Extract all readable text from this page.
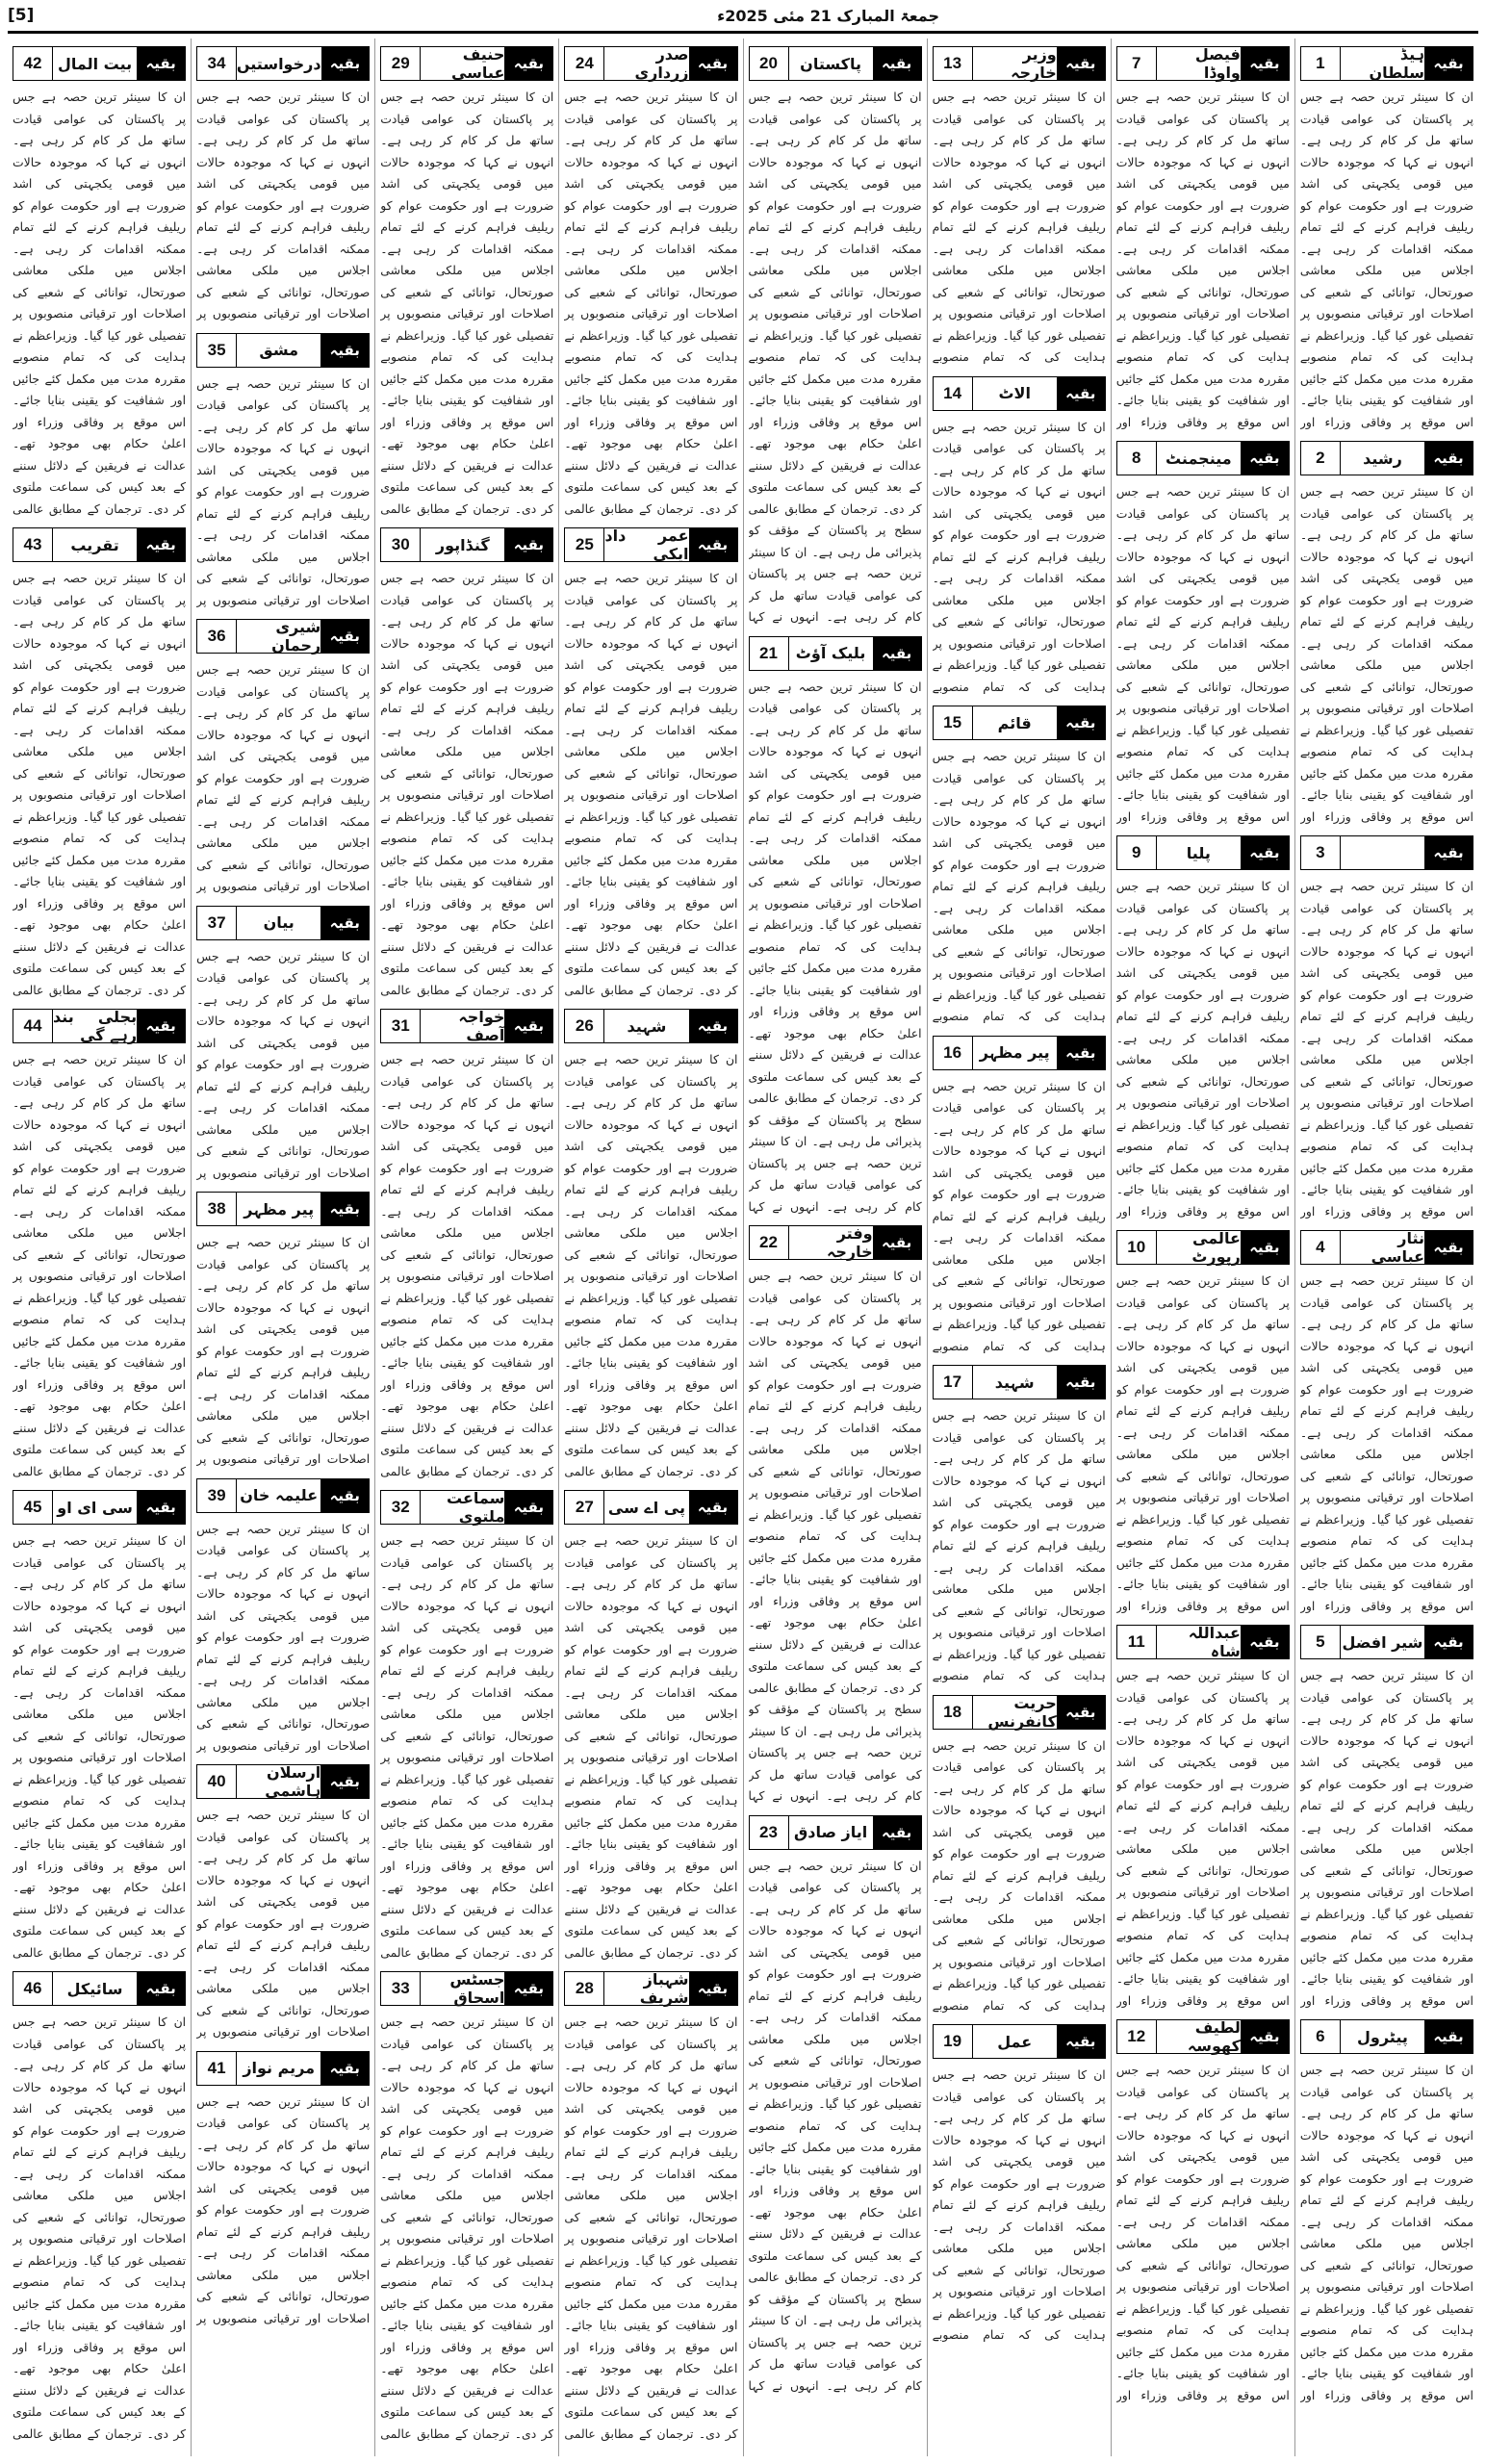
[5]	جمعۃ المبارک 21 مئی 2025ء
1	ہیڈ سلطان بقیہ
ان کا سینئر ترین حصہ ہے جس پر پاکستان کی عوامی قیادت ساتھ مل کر کام کر رہی ہے۔ انہوں نے کہا کہ موجودہ حالات میں قومی یکجہتی کی اشد ضرورت ہے اور حکومت عوام کو ریلیف فراہم کرنے کے لئے تمام ممکنہ اقدامات کر رہی ہے۔ اجلاس میں ملکی معاشی صورتحال، توانائی کے شعبے کی اصلاحات اور ترقیاتی منصوبوں پر تفصیلی غور کیا گیا۔ وزیراعظم نے ہدایت کی کہ تمام منصوبے مقررہ مدت میں مکمل کئے جائیں اور شفافیت کو یقینی بنایا جائے۔ اس موقع پر وفاقی وزراء اور
2	رشید	بقیہ
ان کا سینئر ترین حصہ ہے جس پر پاکستان کی عوامی قیادت ساتھ مل کر کام کر رہی ہے۔ انہوں نے کہا کہ موجودہ حالات میں قومی یکجہتی کی اشد ضرورت ہے اور حکومت عوام کو ریلیف فراہم کرنے کے لئے تمام ممکنہ اقدامات کر رہی ہے۔ اجلاس میں ملکی معاشی صورتحال، توانائی کے شعبے کی اصلاحات اور ترقیاتی منصوبوں پر تفصیلی غور کیا گیا۔ وزیراعظم نے ہدایت کی کہ تمام منصوبے مقررہ مدت میں مکمل کئے جائیں اور شفافیت کو یقینی بنایا جائے۔ اس موقع پر وفاقی وزراء اور
3	بقیہ
ان کا سینئر ترین حصہ ہے جس پر پاکستان کی عوامی قیادت ساتھ مل کر کام کر رہی ہے۔ انہوں نے کہا کہ موجودہ حالات میں قومی یکجہتی کی اشد ضرورت ہے اور حکومت عوام کو ریلیف فراہم کرنے کے لئے تمام ممکنہ اقدامات کر رہی ہے۔ اجلاس میں ملکی معاشی صورتحال، توانائی کے شعبے کی اصلاحات اور ترقیاتی منصوبوں پر تفصیلی غور کیا گیا۔ وزیراعظم نے ہدایت کی کہ تمام منصوبے مقررہ مدت میں مکمل کئے جائیں اور شفافیت کو یقینی بنایا جائے۔ اس موقع پر وفاقی وزراء اور
4	نثار عباسی بقیہ
ان کا سینئر ترین حصہ ہے جس پر پاکستان کی عوامی قیادت ساتھ مل کر کام کر رہی ہے۔ انہوں نے کہا کہ موجودہ حالات میں قومی یکجہتی کی اشد ضرورت ہے اور حکومت عوام کو ریلیف فراہم کرنے کے لئے تمام ممکنہ اقدامات کر رہی ہے۔ اجلاس میں ملکی معاشی صورتحال، توانائی کے شعبے کی اصلاحات اور ترقیاتی منصوبوں پر تفصیلی غور کیا گیا۔ وزیراعظم نے ہدایت کی کہ تمام منصوبے مقررہ مدت میں مکمل کئے جائیں اور شفافیت کو یقینی بنایا جائے۔ اس موقع پر وفاقی وزراء اور
5	شیر افضل بقیہ
ان کا سینئر ترین حصہ ہے جس پر پاکستان کی عوامی قیادت ساتھ مل کر کام کر رہی ہے۔ انہوں نے کہا کہ موجودہ حالات میں قومی یکجہتی کی اشد ضرورت ہے اور حکومت عوام کو ریلیف فراہم کرنے کے لئے تمام ممکنہ اقدامات کر رہی ہے۔ اجلاس میں ملکی معاشی صورتحال، توانائی کے شعبے کی اصلاحات اور ترقیاتی منصوبوں پر تفصیلی غور کیا گیا۔ وزیراعظم نے ہدایت کی کہ تمام منصوبے مقررہ مدت میں مکمل کئے جائیں اور شفافیت کو یقینی بنایا جائے۔ اس موقع پر وفاقی وزراء اور
6	پیٹرول	بقیہ
ان کا سینئر ترین حصہ ہے جس پر پاکستان کی عوامی قیادت ساتھ مل کر کام کر رہی ہے۔ انہوں نے کہا کہ موجودہ حالات میں قومی یکجہتی کی اشد ضرورت ہے اور حکومت عوام کو ریلیف فراہم کرنے کے لئے تمام ممکنہ اقدامات کر رہی ہے۔ اجلاس میں ملکی معاشی صورتحال، توانائی کے شعبے کی اصلاحات اور ترقیاتی منصوبوں پر تفصیلی غور کیا گیا۔ وزیراعظم نے ہدایت کی کہ تمام منصوبے مقررہ مدت میں مکمل کئے جائیں اور شفافیت کو یقینی بنایا جائے۔ اس موقع پر وفاقی وزراء اور
7	فیصل واوڈا بقیہ
ان کا سینئر ترین حصہ ہے جس پر پاکستان کی عوامی قیادت ساتھ مل کر کام کر رہی ہے۔ انہوں نے کہا کہ موجودہ حالات میں قومی یکجہتی کی اشد ضرورت ہے اور حکومت عوام کو ریلیف فراہم کرنے کے لئے تمام ممکنہ اقدامات کر رہی ہے۔ اجلاس میں ملکی معاشی صورتحال، توانائی کے شعبے کی اصلاحات اور ترقیاتی منصوبوں پر تفصیلی غور کیا گیا۔ وزیراعظم نے ہدایت کی کہ تمام منصوبے مقررہ مدت میں مکمل کئے جائیں اور شفافیت کو یقینی بنایا جائے۔ اس موقع پر وفاقی وزراء اور
8	مینجمنٹ	بقیہ
ان کا سینئر ترین حصہ ہے جس پر پاکستان کی عوامی قیادت ساتھ مل کر کام کر رہی ہے۔ انہوں نے کہا کہ موجودہ حالات میں قومی یکجہتی کی اشد ضرورت ہے اور حکومت عوام کو ریلیف فراہم کرنے کے لئے تمام ممکنہ اقدامات کر رہی ہے۔ اجلاس میں ملکی معاشی صورتحال، توانائی کے شعبے کی اصلاحات اور ترقیاتی منصوبوں پر تفصیلی غور کیا گیا۔ وزیراعظم نے ہدایت کی کہ تمام منصوبے مقررہ مدت میں مکمل کئے جائیں اور شفافیت کو یقینی بنایا جائے۔ اس موقع پر وفاقی وزراء اور
9	پلیا	بقیہ
ان کا سینئر ترین حصہ ہے جس پر پاکستان کی عوامی قیادت ساتھ مل کر کام کر رہی ہے۔ انہوں نے کہا کہ موجودہ حالات میں قومی یکجہتی کی اشد ضرورت ہے اور حکومت عوام کو ریلیف فراہم کرنے کے لئے تمام ممکنہ اقدامات کر رہی ہے۔ اجلاس میں ملکی معاشی صورتحال، توانائی کے شعبے کی اصلاحات اور ترقیاتی منصوبوں پر تفصیلی غور کیا گیا۔ وزیراعظم نے ہدایت کی کہ تمام منصوبے مقررہ مدت میں مکمل کئے جائیں اور شفافیت کو یقینی بنایا جائے۔ اس موقع پر وفاقی وزراء اور
10	عالمی رپورٹ بقیہ
ان کا سینئر ترین حصہ ہے جس پر پاکستان کی عوامی قیادت ساتھ مل کر کام کر رہی ہے۔ انہوں نے کہا کہ موجودہ حالات میں قومی یکجہتی کی اشد ضرورت ہے اور حکومت عوام کو ریلیف فراہم کرنے کے لئے تمام ممکنہ اقدامات کر رہی ہے۔ اجلاس میں ملکی معاشی صورتحال، توانائی کے شعبے کی اصلاحات اور ترقیاتی منصوبوں پر تفصیلی غور کیا گیا۔ وزیراعظم نے ہدایت کی کہ تمام منصوبے مقررہ مدت میں مکمل کئے جائیں اور شفافیت کو یقینی بنایا جائے۔ اس موقع پر وفاقی وزراء اور
11	عبداللہ شاہ بقیہ
ان کا سینئر ترین حصہ ہے جس پر پاکستان کی عوامی قیادت ساتھ مل کر کام کر رہی ہے۔ انہوں نے کہا کہ موجودہ حالات میں قومی یکجہتی کی اشد ضرورت ہے اور حکومت عوام کو ریلیف فراہم کرنے کے لئے تمام ممکنہ اقدامات کر رہی ہے۔ اجلاس میں ملکی معاشی صورتحال، توانائی کے شعبے کی اصلاحات اور ترقیاتی منصوبوں پر تفصیلی غور کیا گیا۔ وزیراعظم نے ہدایت کی کہ تمام منصوبے مقررہ مدت میں مکمل کئے جائیں اور شفافیت کو یقینی بنایا جائے۔ اس موقع پر وفاقی وزراء اور
12	لطیف کھوسہ بقیہ
ان کا سینئر ترین حصہ ہے جس پر پاکستان کی عوامی قیادت ساتھ مل کر کام کر رہی ہے۔ انہوں نے کہا کہ موجودہ حالات میں قومی یکجہتی کی اشد ضرورت ہے اور حکومت عوام کو ریلیف فراہم کرنے کے لئے تمام ممکنہ اقدامات کر رہی ہے۔ اجلاس میں ملکی معاشی صورتحال، توانائی کے شعبے کی اصلاحات اور ترقیاتی منصوبوں پر تفصیلی غور کیا گیا۔ وزیراعظم نے ہدایت کی کہ تمام منصوبے مقررہ مدت میں مکمل کئے جائیں اور شفافیت کو یقینی بنایا جائے۔ اس موقع پر وفاقی وزراء اور
13	وزیر خارجہ بقیہ
ان کا سینئر ترین حصہ ہے جس پر پاکستان کی عوامی قیادت ساتھ مل کر کام کر رہی ہے۔ انہوں نے کہا کہ موجودہ حالات میں قومی یکجہتی کی اشد ضرورت ہے اور حکومت عوام کو ریلیف فراہم کرنے کے لئے تمام ممکنہ اقدامات کر رہی ہے۔ اجلاس میں ملکی معاشی صورتحال، توانائی کے شعبے کی اصلاحات اور ترقیاتی منصوبوں پر تفصیلی غور کیا گیا۔ وزیراعظم نے ہدایت کی کہ تمام منصوبے
14	الاٹ	بقیہ
ان کا سینئر ترین حصہ ہے جس پر پاکستان کی عوامی قیادت ساتھ مل کر کام کر رہی ہے۔ انہوں نے کہا کہ موجودہ حالات میں قومی یکجہتی کی اشد ضرورت ہے اور حکومت عوام کو ریلیف فراہم کرنے کے لئے تمام ممکنہ اقدامات کر رہی ہے۔ اجلاس میں ملکی معاشی صورتحال، توانائی کے شعبے کی اصلاحات اور ترقیاتی منصوبوں پر تفصیلی غور کیا گیا۔ وزیراعظم نے ہدایت کی کہ تمام منصوبے
15	قائم	بقیہ
ان کا سینئر ترین حصہ ہے جس پر پاکستان کی عوامی قیادت ساتھ مل کر کام کر رہی ہے۔ انہوں نے کہا کہ موجودہ حالات میں قومی یکجہتی کی اشد ضرورت ہے اور حکومت عوام کو ریلیف فراہم کرنے کے لئے تمام ممکنہ اقدامات کر رہی ہے۔ اجلاس میں ملکی معاشی صورتحال، توانائی کے شعبے کی اصلاحات اور ترقیاتی منصوبوں پر تفصیلی غور کیا گیا۔ وزیراعظم نے ہدایت کی کہ تمام منصوبے
16	پیر مظہر	بقیہ
ان کا سینئر ترین حصہ ہے جس پر پاکستان کی عوامی قیادت ساتھ مل کر کام کر رہی ہے۔ انہوں نے کہا کہ موجودہ حالات میں قومی یکجہتی کی اشد ضرورت ہے اور حکومت عوام کو ریلیف فراہم کرنے کے لئے تمام ممکنہ اقدامات کر رہی ہے۔ اجلاس میں ملکی معاشی صورتحال، توانائی کے شعبے کی اصلاحات اور ترقیاتی منصوبوں پر تفصیلی غور کیا گیا۔ وزیراعظم نے ہدایت کی کہ تمام منصوبے
17	شہید	بقیہ
ان کا سینئر ترین حصہ ہے جس پر پاکستان کی عوامی قیادت ساتھ مل کر کام کر رہی ہے۔ انہوں نے کہا کہ موجودہ حالات میں قومی یکجہتی کی اشد ضرورت ہے اور حکومت عوام کو ریلیف فراہم کرنے کے لئے تمام ممکنہ اقدامات کر رہی ہے۔ اجلاس میں ملکی معاشی صورتحال، توانائی کے شعبے کی اصلاحات اور ترقیاتی منصوبوں پر تفصیلی غور کیا گیا۔ وزیراعظم نے ہدایت کی کہ تمام منصوبے
18	حریت کانفرنس بقیہ
ان کا سینئر ترین حصہ ہے جس پر پاکستان کی عوامی قیادت ساتھ مل کر کام کر رہی ہے۔ انہوں نے کہا کہ موجودہ حالات میں قومی یکجہتی کی اشد ضرورت ہے اور حکومت عوام کو ریلیف فراہم کرنے کے لئے تمام ممکنہ اقدامات کر رہی ہے۔ اجلاس میں ملکی معاشی صورتحال، توانائی کے شعبے کی اصلاحات اور ترقیاتی منصوبوں پر تفصیلی غور کیا گیا۔ وزیراعظم نے ہدایت کی کہ تمام منصوبے
19	عمل	بقیہ
ان کا سینئر ترین حصہ ہے جس پر پاکستان کی عوامی قیادت ساتھ مل کر کام کر رہی ہے۔ انہوں نے کہا کہ موجودہ حالات میں قومی یکجہتی کی اشد ضرورت ہے اور حکومت عوام کو ریلیف فراہم کرنے کے لئے تمام ممکنہ اقدامات کر رہی ہے۔ اجلاس میں ملکی معاشی صورتحال، توانائی کے شعبے کی اصلاحات اور ترقیاتی منصوبوں پر تفصیلی غور کیا گیا۔ وزیراعظم نے ہدایت کی کہ تمام منصوبے
20	پاکستان	بقیہ
ان کا سینئر ترین حصہ ہے جس پر پاکستان کی عوامی قیادت ساتھ مل کر کام کر رہی ہے۔ انہوں نے کہا کہ موجودہ حالات میں قومی یکجہتی کی اشد ضرورت ہے اور حکومت عوام کو ریلیف فراہم کرنے کے لئے تمام ممکنہ اقدامات کر رہی ہے۔ اجلاس میں ملکی معاشی صورتحال، توانائی کے شعبے کی اصلاحات اور ترقیاتی منصوبوں پر تفصیلی غور کیا گیا۔ وزیراعظم نے ہدایت کی کہ تمام منصوبے مقررہ مدت میں مکمل کئے جائیں اور شفافیت کو یقینی بنایا جائے۔ اس موقع پر وفاقی وزراء اور اعلیٰ حکام بھی موجود تھے۔ عدالت نے فریقین کے دلائل سننے کے بعد کیس کی سماعت ملتوی کر دی۔ ترجمان کے مطابق عالمی سطح پر پاکستان کے مؤقف کو پذیرائی مل رہی ہے۔ ان کا سینئر ترین حصہ ہے جس پر پاکستان کی عوامی قیادت ساتھ مل کر کام کر رہی ہے۔ انہوں نے کہا
21	بلیک آؤٹ	بقیہ
ان کا سینئر ترین حصہ ہے جس پر پاکستان کی عوامی قیادت ساتھ مل کر کام کر رہی ہے۔ انہوں نے کہا کہ موجودہ حالات میں قومی یکجہتی کی اشد ضرورت ہے اور حکومت عوام کو ریلیف فراہم کرنے کے لئے تمام ممکنہ اقدامات کر رہی ہے۔ اجلاس میں ملکی معاشی صورتحال، توانائی کے شعبے کی اصلاحات اور ترقیاتی منصوبوں پر تفصیلی غور کیا گیا۔ وزیراعظم نے ہدایت کی کہ تمام منصوبے مقررہ مدت میں مکمل کئے جائیں اور شفافیت کو یقینی بنایا جائے۔ اس موقع پر وفاقی وزراء اور اعلیٰ حکام بھی موجود تھے۔ عدالت نے فریقین کے دلائل سننے کے بعد کیس کی سماعت ملتوی کر دی۔ ترجمان کے مطابق عالمی سطح پر پاکستان کے مؤقف کو پذیرائی مل رہی ہے۔ ان کا سینئر ترین حصہ ہے جس پر پاکستان کی عوامی قیادت ساتھ مل کر کام کر رہی ہے۔ انہوں نے کہا
22	وفتر خارجہ بقیہ
ان کا سینئر ترین حصہ ہے جس پر پاکستان کی عوامی قیادت ساتھ مل کر کام کر رہی ہے۔ انہوں نے کہا کہ موجودہ حالات میں قومی یکجہتی کی اشد ضرورت ہے اور حکومت عوام کو ریلیف فراہم کرنے کے لئے تمام ممکنہ اقدامات کر رہی ہے۔ اجلاس میں ملکی معاشی صورتحال، توانائی کے شعبے کی اصلاحات اور ترقیاتی منصوبوں پر تفصیلی غور کیا گیا۔ وزیراعظم نے ہدایت کی کہ تمام منصوبے مقررہ مدت میں مکمل کئے جائیں اور شفافیت کو یقینی بنایا جائے۔ اس موقع پر وفاقی وزراء اور اعلیٰ حکام بھی موجود تھے۔ عدالت نے فریقین کے دلائل سننے کے بعد کیس کی سماعت ملتوی کر دی۔ ترجمان کے مطابق عالمی سطح پر پاکستان کے مؤقف کو پذیرائی مل رہی ہے۔ ان کا سینئر ترین حصہ ہے جس پر پاکستان کی عوامی قیادت ساتھ مل کر کام کر رہی ہے۔ انہوں نے کہا
23	ایاز صادق بقیہ
ان کا سینئر ترین حصہ ہے جس پر پاکستان کی عوامی قیادت ساتھ مل کر کام کر رہی ہے۔ انہوں نے کہا کہ موجودہ حالات میں قومی یکجہتی کی اشد ضرورت ہے اور حکومت عوام کو ریلیف فراہم کرنے کے لئے تمام ممکنہ اقدامات کر رہی ہے۔ اجلاس میں ملکی معاشی صورتحال، توانائی کے شعبے کی اصلاحات اور ترقیاتی منصوبوں پر تفصیلی غور کیا گیا۔ وزیراعظم نے ہدایت کی کہ تمام منصوبے مقررہ مدت میں مکمل کئے جائیں اور شفافیت کو یقینی بنایا جائے۔ اس موقع پر وفاقی وزراء اور اعلیٰ حکام بھی موجود تھے۔ عدالت نے فریقین کے دلائل سننے کے بعد کیس کی سماعت ملتوی کر دی۔ ترجمان کے مطابق عالمی سطح پر پاکستان کے مؤقف کو پذیرائی مل رہی ہے۔ ان کا سینئر ترین حصہ ہے جس پر پاکستان کی عوامی قیادت ساتھ مل کر کام کر رہی ہے۔ انہوں نے کہا
24	صدر زرداری بقیہ
ان کا سینئر ترین حصہ ہے جس پر پاکستان کی عوامی قیادت ساتھ مل کر کام کر رہی ہے۔ انہوں نے کہا کہ موجودہ حالات میں قومی یکجہتی کی اشد ضرورت ہے اور حکومت عوام کو ریلیف فراہم کرنے کے لئے تمام ممکنہ اقدامات کر رہی ہے۔ اجلاس میں ملکی معاشی صورتحال، توانائی کے شعبے کی اصلاحات اور ترقیاتی منصوبوں پر تفصیلی غور کیا گیا۔ وزیراعظم نے ہدایت کی کہ تمام منصوبے مقررہ مدت میں مکمل کئے جائیں اور شفافیت کو یقینی بنایا جائے۔ اس موقع پر وفاقی وزراء اور اعلیٰ حکام بھی موجود تھے۔ عدالت نے فریقین کے دلائل سننے کے بعد کیس کی سماعت ملتوی کر دی۔ ترجمان کے مطابق عالمی
25 عمر داد ایکی بقیہ
ان کا سینئر ترین حصہ ہے جس پر پاکستان کی عوامی قیادت ساتھ مل کر کام کر رہی ہے۔ انہوں نے کہا کہ موجودہ حالات میں قومی یکجہتی کی اشد ضرورت ہے اور حکومت عوام کو ریلیف فراہم کرنے کے لئے تمام ممکنہ اقدامات کر رہی ہے۔ اجلاس میں ملکی معاشی صورتحال، توانائی کے شعبے کی اصلاحات اور ترقیاتی منصوبوں پر تفصیلی غور کیا گیا۔ وزیراعظم نے ہدایت کی کہ تمام منصوبے مقررہ مدت میں مکمل کئے جائیں اور شفافیت کو یقینی بنایا جائے۔ اس موقع پر وفاقی وزراء اور اعلیٰ حکام بھی موجود تھے۔ عدالت نے فریقین کے دلائل سننے کے بعد کیس کی سماعت ملتوی کر دی۔ ترجمان کے مطابق عالمی
26	شہید	بقیہ
ان کا سینئر ترین حصہ ہے جس پر پاکستان کی عوامی قیادت ساتھ مل کر کام کر رہی ہے۔ انہوں نے کہا کہ موجودہ حالات میں قومی یکجہتی کی اشد ضرورت ہے اور حکومت عوام کو ریلیف فراہم کرنے کے لئے تمام ممکنہ اقدامات کر رہی ہے۔ اجلاس میں ملکی معاشی صورتحال، توانائی کے شعبے کی اصلاحات اور ترقیاتی منصوبوں پر تفصیلی غور کیا گیا۔ وزیراعظم نے ہدایت کی کہ تمام منصوبے مقررہ مدت میں مکمل کئے جائیں اور شفافیت کو یقینی بنایا جائے۔ اس موقع پر وفاقی وزراء اور اعلیٰ حکام بھی موجود تھے۔ عدالت نے فریقین کے دلائل سننے کے بعد کیس کی سماعت ملتوی کر دی۔ ترجمان کے مطابق عالمی
27 پی اے سی بقیہ
ان کا سینئر ترین حصہ ہے جس پر پاکستان کی عوامی قیادت ساتھ مل کر کام کر رہی ہے۔ انہوں نے کہا کہ موجودہ حالات میں قومی یکجہتی کی اشد ضرورت ہے اور حکومت عوام کو ریلیف فراہم کرنے کے لئے تمام ممکنہ اقدامات کر رہی ہے۔ اجلاس میں ملکی معاشی صورتحال، توانائی کے شعبے کی اصلاحات اور ترقیاتی منصوبوں پر تفصیلی غور کیا گیا۔ وزیراعظم نے ہدایت کی کہ تمام منصوبے مقررہ مدت میں مکمل کئے جائیں اور شفافیت کو یقینی بنایا جائے۔ اس موقع پر وفاقی وزراء اور اعلیٰ حکام بھی موجود تھے۔ عدالت نے فریقین کے دلائل سننے کے بعد کیس کی سماعت ملتوی کر دی۔ ترجمان کے مطابق عالمی
28	شہباز شریف بقیہ
ان کا سینئر ترین حصہ ہے جس پر پاکستان کی عوامی قیادت ساتھ مل کر کام کر رہی ہے۔ انہوں نے کہا کہ موجودہ حالات میں قومی یکجہتی کی اشد ضرورت ہے اور حکومت عوام کو ریلیف فراہم کرنے کے لئے تمام ممکنہ اقدامات کر رہی ہے۔ اجلاس میں ملکی معاشی صورتحال، توانائی کے شعبے کی اصلاحات اور ترقیاتی منصوبوں پر تفصیلی غور کیا گیا۔ وزیراعظم نے ہدایت کی کہ تمام منصوبے مقررہ مدت میں مکمل کئے جائیں اور شفافیت کو یقینی بنایا جائے۔ اس موقع پر وفاقی وزراء اور اعلیٰ حکام بھی موجود تھے۔ عدالت نے فریقین کے دلائل سننے کے بعد کیس کی سماعت ملتوی کر دی۔ ترجمان کے مطابق عالمی
29	حنیف عباسی بقیہ
ان کا سینئر ترین حصہ ہے جس پر پاکستان کی عوامی قیادت ساتھ مل کر کام کر رہی ہے۔ انہوں نے کہا کہ موجودہ حالات میں قومی یکجہتی کی اشد ضرورت ہے اور حکومت عوام کو ریلیف فراہم کرنے کے لئے تمام ممکنہ اقدامات کر رہی ہے۔ اجلاس میں ملکی معاشی صورتحال، توانائی کے شعبے کی اصلاحات اور ترقیاتی منصوبوں پر تفصیلی غور کیا گیا۔ وزیراعظم نے ہدایت کی کہ تمام منصوبے مقررہ مدت میں مکمل کئے جائیں اور شفافیت کو یقینی بنایا جائے۔ اس موقع پر وفاقی وزراء اور اعلیٰ حکام بھی موجود تھے۔ عدالت نے فریقین کے دلائل سننے کے بعد کیس کی سماعت ملتوی کر دی۔ ترجمان کے مطابق عالمی
30	گنڈاپور	بقیہ
ان کا سینئر ترین حصہ ہے جس پر پاکستان کی عوامی قیادت ساتھ مل کر کام کر رہی ہے۔ انہوں نے کہا کہ موجودہ حالات میں قومی یکجہتی کی اشد ضرورت ہے اور حکومت عوام کو ریلیف فراہم کرنے کے لئے تمام ممکنہ اقدامات کر رہی ہے۔ اجلاس میں ملکی معاشی صورتحال، توانائی کے شعبے کی اصلاحات اور ترقیاتی منصوبوں پر تفصیلی غور کیا گیا۔ وزیراعظم نے ہدایت کی کہ تمام منصوبے مقررہ مدت میں مکمل کئے جائیں اور شفافیت کو یقینی بنایا جائے۔ اس موقع پر وفاقی وزراء اور اعلیٰ حکام بھی موجود تھے۔ عدالت نے فریقین کے دلائل سننے کے بعد کیس کی سماعت ملتوی کر دی۔ ترجمان کے مطابق عالمی
31	خواجہ آصف بقیہ
ان کا سینئر ترین حصہ ہے جس پر پاکستان کی عوامی قیادت ساتھ مل کر کام کر رہی ہے۔ انہوں نے کہا کہ موجودہ حالات میں قومی یکجہتی کی اشد ضرورت ہے اور حکومت عوام کو ریلیف فراہم کرنے کے لئے تمام ممکنہ اقدامات کر رہی ہے۔ اجلاس میں ملکی معاشی صورتحال، توانائی کے شعبے کی اصلاحات اور ترقیاتی منصوبوں پر تفصیلی غور کیا گیا۔ وزیراعظم نے ہدایت کی کہ تمام منصوبے مقررہ مدت میں مکمل کئے جائیں اور شفافیت کو یقینی بنایا جائے۔ اس موقع پر وفاقی وزراء اور اعلیٰ حکام بھی موجود تھے۔ عدالت نے فریقین کے دلائل سننے کے بعد کیس کی سماعت ملتوی کر دی۔ ترجمان کے مطابق عالمی
32	سماعت ملتوی بقیہ
ان کا سینئر ترین حصہ ہے جس پر پاکستان کی عوامی قیادت ساتھ مل کر کام کر رہی ہے۔ انہوں نے کہا کہ موجودہ حالات میں قومی یکجہتی کی اشد ضرورت ہے اور حکومت عوام کو ریلیف فراہم کرنے کے لئے تمام ممکنہ اقدامات کر رہی ہے۔ اجلاس میں ملکی معاشی صورتحال، توانائی کے شعبے کی اصلاحات اور ترقیاتی منصوبوں پر تفصیلی غور کیا گیا۔ وزیراعظم نے ہدایت کی کہ تمام منصوبے مقررہ مدت میں مکمل کئے جائیں اور شفافیت کو یقینی بنایا جائے۔ اس موقع پر وفاقی وزراء اور اعلیٰ حکام بھی موجود تھے۔ عدالت نے فریقین کے دلائل سننے کے بعد کیس کی سماعت ملتوی کر دی۔ ترجمان کے مطابق عالمی
33	جسٹس اسحاق بقیہ
ان کا سینئر ترین حصہ ہے جس پر پاکستان کی عوامی قیادت ساتھ مل کر کام کر رہی ہے۔ انہوں نے کہا کہ موجودہ حالات میں قومی یکجہتی کی اشد ضرورت ہے اور حکومت عوام کو ریلیف فراہم کرنے کے لئے تمام ممکنہ اقدامات کر رہی ہے۔ اجلاس میں ملکی معاشی صورتحال، توانائی کے شعبے کی اصلاحات اور ترقیاتی منصوبوں پر تفصیلی غور کیا گیا۔ وزیراعظم نے ہدایت کی کہ تمام منصوبے مقررہ مدت میں مکمل کئے جائیں اور شفافیت کو یقینی بنایا جائے۔ اس موقع پر وفاقی وزراء اور اعلیٰ حکام بھی موجود تھے۔ عدالت نے فریقین کے دلائل سننے کے بعد کیس کی سماعت ملتوی کر دی۔ ترجمان کے مطابق عالمی
34 درخواستیں بقیہ
ان کا سینئر ترین حصہ ہے جس پر پاکستان کی عوامی قیادت ساتھ مل کر کام کر رہی ہے۔ انہوں نے کہا کہ موجودہ حالات میں قومی یکجہتی کی اشد ضرورت ہے اور حکومت عوام کو ریلیف فراہم کرنے کے لئے تمام ممکنہ اقدامات کر رہی ہے۔ اجلاس میں ملکی معاشی صورتحال، توانائی کے شعبے کی اصلاحات اور ترقیاتی منصوبوں پر
35	مشق	بقیہ
ان کا سینئر ترین حصہ ہے جس پر پاکستان کی عوامی قیادت ساتھ مل کر کام کر رہی ہے۔ انہوں نے کہا کہ موجودہ حالات میں قومی یکجہتی کی اشد ضرورت ہے اور حکومت عوام کو ریلیف فراہم کرنے کے لئے تمام ممکنہ اقدامات کر رہی ہے۔ اجلاس میں ملکی معاشی صورتحال، توانائی کے شعبے کی اصلاحات اور ترقیاتی منصوبوں پر
36	شیری رحمان بقیہ
ان کا سینئر ترین حصہ ہے جس پر پاکستان کی عوامی قیادت ساتھ مل کر کام کر رہی ہے۔ انہوں نے کہا کہ موجودہ حالات میں قومی یکجہتی کی اشد ضرورت ہے اور حکومت عوام کو ریلیف فراہم کرنے کے لئے تمام ممکنہ اقدامات کر رہی ہے۔ اجلاس میں ملکی معاشی صورتحال، توانائی کے شعبے کی اصلاحات اور ترقیاتی منصوبوں پر
37	بیان	بقیہ
ان کا سینئر ترین حصہ ہے جس پر پاکستان کی عوامی قیادت ساتھ مل کر کام کر رہی ہے۔ انہوں نے کہا کہ موجودہ حالات میں قومی یکجہتی کی اشد ضرورت ہے اور حکومت عوام کو ریلیف فراہم کرنے کے لئے تمام ممکنہ اقدامات کر رہی ہے۔ اجلاس میں ملکی معاشی صورتحال، توانائی کے شعبے کی اصلاحات اور ترقیاتی منصوبوں پر
38	پیر مظہر	بقیہ
ان کا سینئر ترین حصہ ہے جس پر پاکستان کی عوامی قیادت ساتھ مل کر کام کر رہی ہے۔ انہوں نے کہا کہ موجودہ حالات میں قومی یکجہتی کی اشد ضرورت ہے اور حکومت عوام کو ریلیف فراہم کرنے کے لئے تمام ممکنہ اقدامات کر رہی ہے۔ اجلاس میں ملکی معاشی صورتحال، توانائی کے شعبے کی اصلاحات اور ترقیاتی منصوبوں پر
39 علیمہ خان بقیہ
ان کا سینئر ترین حصہ ہے جس پر پاکستان کی عوامی قیادت ساتھ مل کر کام کر رہی ہے۔ انہوں نے کہا کہ موجودہ حالات میں قومی یکجہتی کی اشد ضرورت ہے اور حکومت عوام کو ریلیف فراہم کرنے کے لئے تمام ممکنہ اقدامات کر رہی ہے۔ اجلاس میں ملکی معاشی صورتحال، توانائی کے شعبے کی اصلاحات اور ترقیاتی منصوبوں پر
40	ارسلان ہاشمی بقیہ
ان کا سینئر ترین حصہ ہے جس پر پاکستان کی عوامی قیادت ساتھ مل کر کام کر رہی ہے۔ انہوں نے کہا کہ موجودہ حالات میں قومی یکجہتی کی اشد ضرورت ہے اور حکومت عوام کو ریلیف فراہم کرنے کے لئے تمام ممکنہ اقدامات کر رہی ہے۔ اجلاس میں ملکی معاشی صورتحال، توانائی کے شعبے کی اصلاحات اور ترقیاتی منصوبوں پر
41	مریم نواز	بقیہ
ان کا سینئر ترین حصہ ہے جس پر پاکستان کی عوامی قیادت ساتھ مل کر کام کر رہی ہے۔ انہوں نے کہا کہ موجودہ حالات میں قومی یکجہتی کی اشد ضرورت ہے اور حکومت عوام کو ریلیف فراہم کرنے کے لئے تمام ممکنہ اقدامات کر رہی ہے۔ اجلاس میں ملکی معاشی صورتحال، توانائی کے شعبے کی اصلاحات اور ترقیاتی منصوبوں پر
42	بیت المال بقیہ
ان کا سینئر ترین حصہ ہے جس پر پاکستان کی عوامی قیادت ساتھ مل کر کام کر رہی ہے۔ انہوں نے کہا کہ موجودہ حالات میں قومی یکجہتی کی اشد ضرورت ہے اور حکومت عوام کو ریلیف فراہم کرنے کے لئے تمام ممکنہ اقدامات کر رہی ہے۔ اجلاس میں ملکی معاشی صورتحال، توانائی کے شعبے کی اصلاحات اور ترقیاتی منصوبوں پر تفصیلی غور کیا گیا۔ وزیراعظم نے ہدایت کی کہ تمام منصوبے مقررہ مدت میں مکمل کئے جائیں اور شفافیت کو یقینی بنایا جائے۔ اس موقع پر وفاقی وزراء اور اعلیٰ حکام بھی موجود تھے۔ عدالت نے فریقین کے دلائل سننے کے بعد کیس کی سماعت ملتوی کر دی۔ ترجمان کے مطابق عالمی
43	تقریب	بقیہ
ان کا سینئر ترین حصہ ہے جس پر پاکستان کی عوامی قیادت ساتھ مل کر کام کر رہی ہے۔ انہوں نے کہا کہ موجودہ حالات میں قومی یکجہتی کی اشد ضرورت ہے اور حکومت عوام کو ریلیف فراہم کرنے کے لئے تمام ممکنہ اقدامات کر رہی ہے۔ اجلاس میں ملکی معاشی صورتحال، توانائی کے شعبے کی اصلاحات اور ترقیاتی منصوبوں پر تفصیلی غور کیا گیا۔ وزیراعظم نے ہدایت کی کہ تمام منصوبے مقررہ مدت میں مکمل کئے جائیں اور شفافیت کو یقینی بنایا جائے۔ اس موقع پر وفاقی وزراء اور اعلیٰ حکام بھی موجود تھے۔ عدالت نے فریقین کے دلائل سننے کے بعد کیس کی سماعت ملتوی کر دی۔ ترجمان کے مطابق عالمی
44 بجلی بند رہے گی بقیہ
ان کا سینئر ترین حصہ ہے جس پر پاکستان کی عوامی قیادت ساتھ مل کر کام کر رہی ہے۔ انہوں نے کہا کہ موجودہ حالات میں قومی یکجہتی کی اشد ضرورت ہے اور حکومت عوام کو ریلیف فراہم کرنے کے لئے تمام ممکنہ اقدامات کر رہی ہے۔ اجلاس میں ملکی معاشی صورتحال، توانائی کے شعبے کی اصلاحات اور ترقیاتی منصوبوں پر تفصیلی غور کیا گیا۔ وزیراعظم نے ہدایت کی کہ تمام منصوبے مقررہ مدت میں مکمل کئے جائیں اور شفافیت کو یقینی بنایا جائے۔ اس موقع پر وفاقی وزراء اور اعلیٰ حکام بھی موجود تھے۔ عدالت نے فریقین کے دلائل سننے کے بعد کیس کی سماعت ملتوی کر دی۔ ترجمان کے مطابق عالمی
45 سی ای او بقیہ
ان کا سینئر ترین حصہ ہے جس پر پاکستان کی عوامی قیادت ساتھ مل کر کام کر رہی ہے۔ انہوں نے کہا کہ موجودہ حالات میں قومی یکجہتی کی اشد ضرورت ہے اور حکومت عوام کو ریلیف فراہم کرنے کے لئے تمام ممکنہ اقدامات کر رہی ہے۔ اجلاس میں ملکی معاشی صورتحال، توانائی کے شعبے کی اصلاحات اور ترقیاتی منصوبوں پر تفصیلی غور کیا گیا۔ وزیراعظم نے ہدایت کی کہ تمام منصوبے مقررہ مدت میں مکمل کئے جائیں اور شفافیت کو یقینی بنایا جائے۔ اس موقع پر وفاقی وزراء اور اعلیٰ حکام بھی موجود تھے۔ عدالت نے فریقین کے دلائل سننے کے بعد کیس کی سماعت ملتوی کر دی۔ ترجمان کے مطابق عالمی
46	سائیکل	بقیہ
ان کا سینئر ترین حصہ ہے جس پر پاکستان کی عوامی قیادت ساتھ مل کر کام کر رہی ہے۔ انہوں نے کہا کہ موجودہ حالات میں قومی یکجہتی کی اشد ضرورت ہے اور حکومت عوام کو ریلیف فراہم کرنے کے لئے تمام ممکنہ اقدامات کر رہی ہے۔ اجلاس میں ملکی معاشی صورتحال، توانائی کے شعبے کی اصلاحات اور ترقیاتی منصوبوں پر تفصیلی غور کیا گیا۔ وزیراعظم نے ہدایت کی کہ تمام منصوبے مقررہ مدت میں مکمل کئے جائیں اور شفافیت کو یقینی بنایا جائے۔ اس موقع پر وفاقی وزراء اور اعلیٰ حکام بھی موجود تھے۔ عدالت نے فریقین کے دلائل سننے کے بعد کیس کی سماعت ملتوی کر دی۔ ترجمان کے مطابق عالمی
